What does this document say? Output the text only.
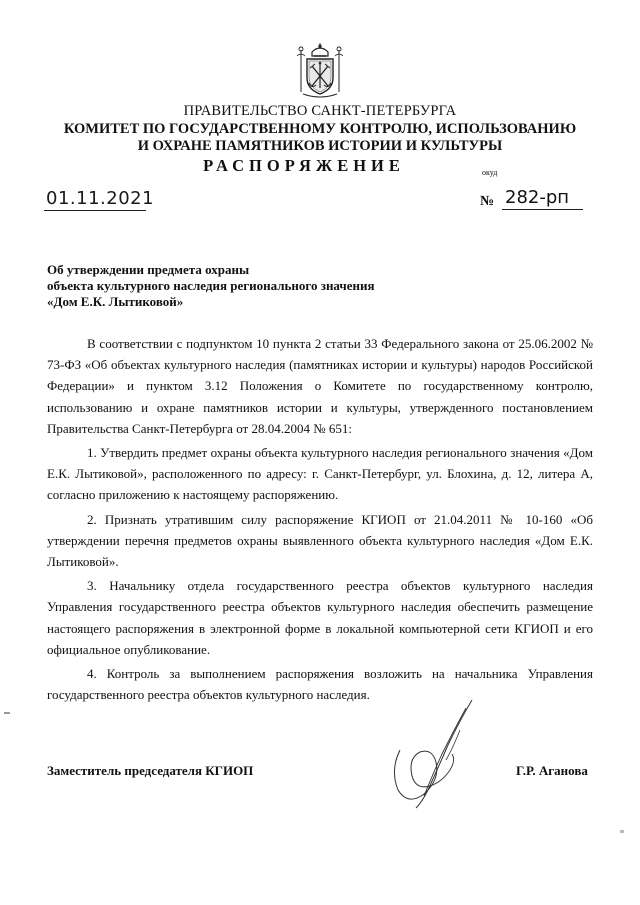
ПРАВИТЕЛЬСТВО САНКТ-ПЕТЕРБУРГА
КОМИТЕТ ПО ГОСУДАРСТВЕННОМУ КОНТРОЛЮ, ИСПОЛЬЗОВАНИЮ
И ОХРАНЕ ПАМЯТНИКОВ ИСТОРИИ И КУЛЬТУРЫ
РАСПОРЯЖЕНИЕ	окуд
01.11.2021	№ 282-рп
Об утверждении предмета охраны
объекта культурного наследия регионального значения
«Дом Е.К. Лытиковой»

В соответствии с подпунктом 10 пункта 2 статьи 33 Федерального закона от 25.06.2002 № 73-ФЗ «Об объектах культурного наследия (памятниках истории и культуры) народов Российской Федерации» и пунктом 3.12 Положения о Комитете по государственному контролю, использованию и охране памятников истории и культуры, утвержденного постановлением Правительства Санкт-Петербурга от 28.04.2004 № 651:

1. Утвердить предмет охраны объекта культурного наследия регионального значения «Дом Е.К. Лытиковой», расположенного по адресу: г. Санкт-Петербург, ул. Блохина, д. 12, литера А, согласно приложению к настоящему распоряжению.

2. Признать утратившим силу распоряжение КГИОП от 21.04.2011 № 10-160 «Об утверждении перечня предметов охраны выявленного объекта культурного наследия «Дом Е.К. Лытиковой».

3. Начальнику отдела государственного реестра объектов культурного наследия Управления государственного реестра объектов культурного наследия обеспечить размещение настоящего распоряжения в электронной форме в локальной компьютерной сети КГИОП и его официальное опубликование.

4. Контроль за выполнением распоряжения возложить на начальника Управления государственного реестра объектов культурного наследия.

Заместитель председателя КГИОП	Г.Р. Аганова
